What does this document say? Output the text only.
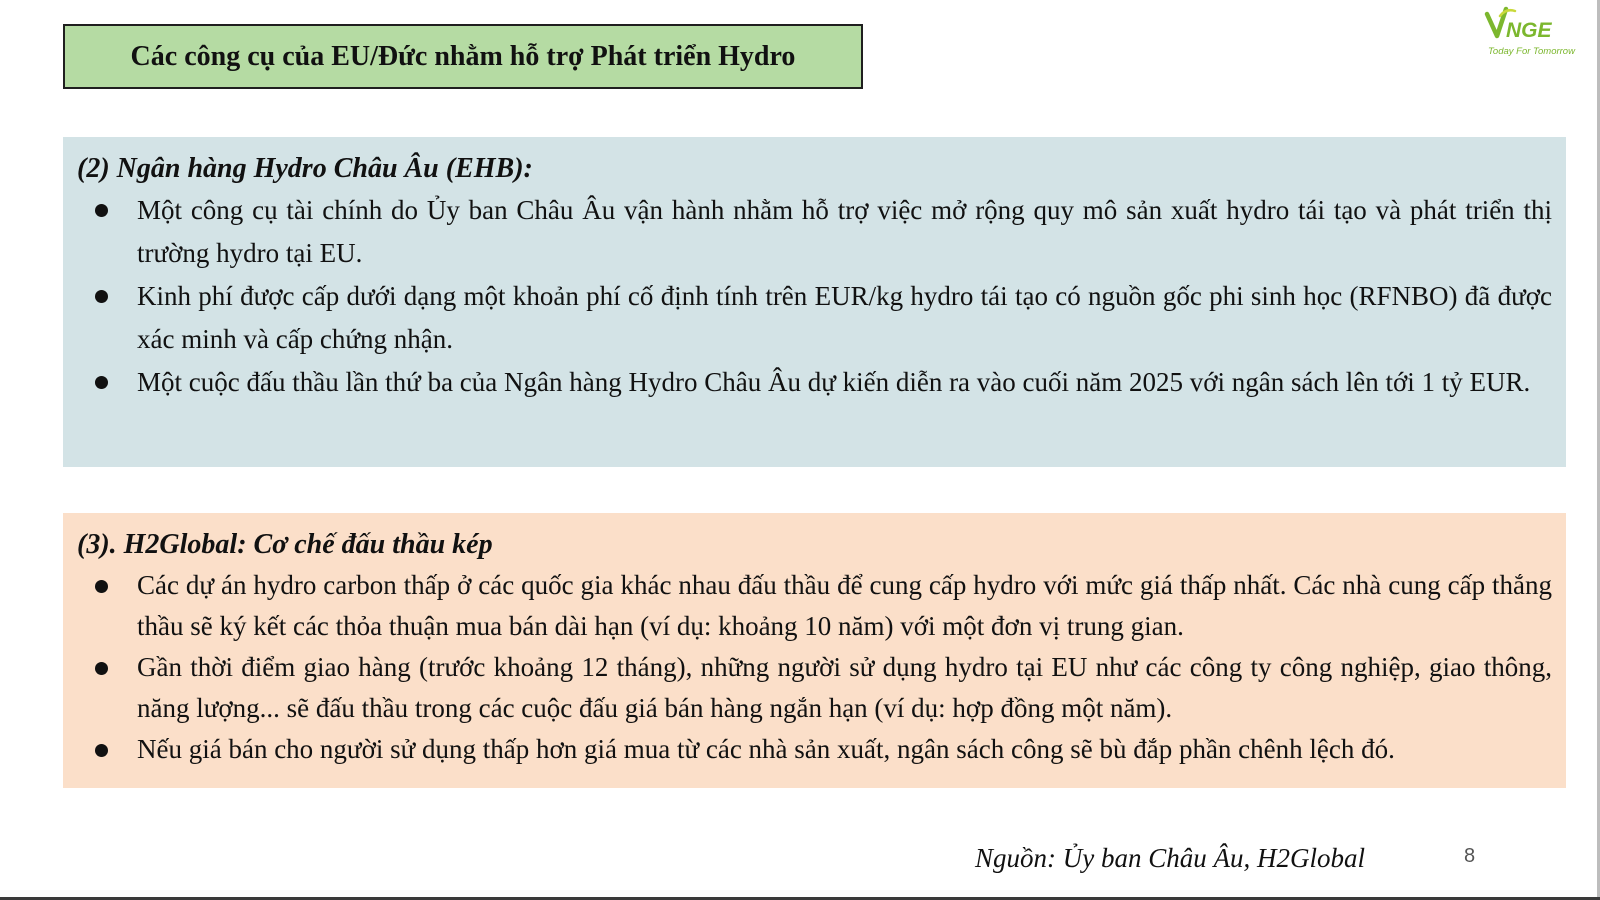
Các công cụ của EU/Đức nhằm hỗ trợ Phát triển Hydro
NGE
Today For Tomorrow
(2) Ngân hàng Hydro Châu Âu (EHB):
Một công cụ tài chính do Ủy ban Châu Âu vận hành nhằm hỗ trợ việc mở rộng quy mô sản xuất hydro tái tạo và phát triển thị trường hydro tại EU.
Kinh phí được cấp dưới dạng một khoản phí cố định tính trên EUR/kg hydro tái tạo có nguồn gốc phi sinh học (RFNBO) đã được xác minh và cấp chứng nhận.
Một cuộc đấu thầu lần thứ ba của Ngân hàng Hydro Châu Âu dự kiến diễn ra vào cuối năm 2025 với ngân sách lên tới 1 tỷ EUR.
(3). H2Global: Cơ chế đấu thầu kép
Các dự án hydro carbon thấp ở các quốc gia khác nhau đấu thầu để cung cấp hydro với mức giá thấp nhất. Các nhà cung cấp thắng thầu sẽ ký kết các thỏa thuận mua bán dài hạn (ví dụ: khoảng 10 năm) với một đơn vị trung gian.
Gần thời điểm giao hàng (trước khoảng 12 tháng), những người sử dụng hydro tại EU như các công ty công nghiệp, giao thông, năng lượng... sẽ đấu thầu trong các cuộc đấu giá bán hàng ngắn hạn (ví dụ: hợp đồng một năm).
Nếu giá bán cho người sử dụng thấp hơn giá mua từ các nhà sản xuất, ngân sách công sẽ bù đắp phần chênh lệch đó.
Nguồn: Ủy ban Châu Âu, H2Global	8
